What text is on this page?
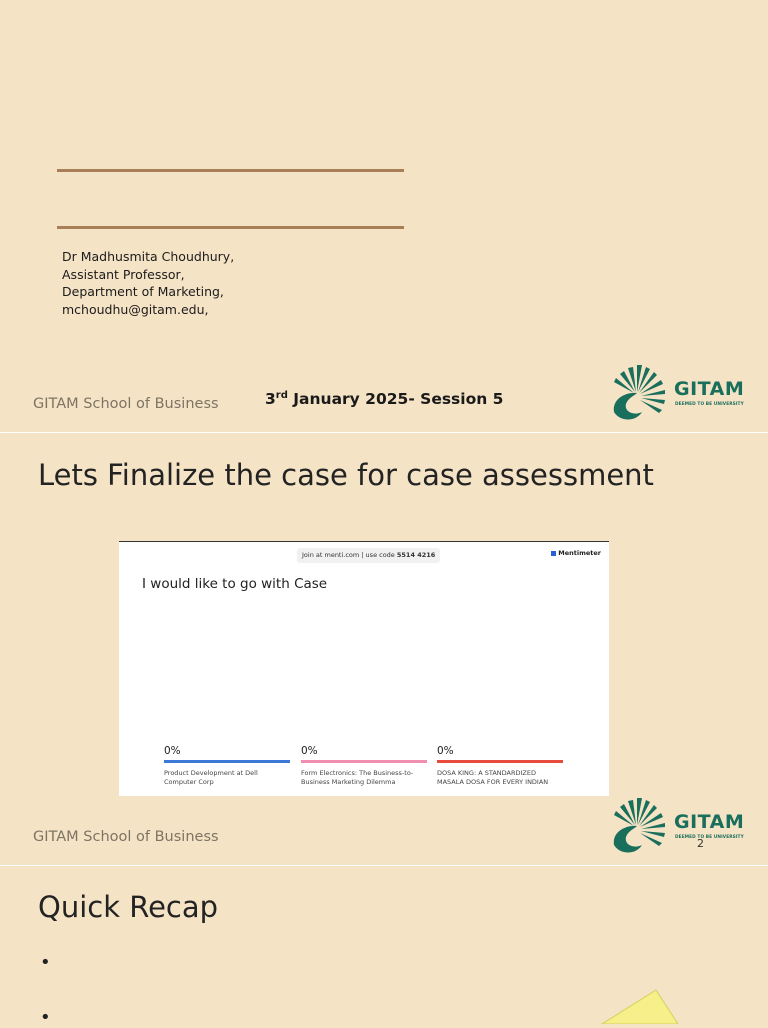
Dr Madhusmita Choudhury,
Assistant Professor,
Department of Marketing,
mchoudhu@gitam.edu,
GITAM School of Business	3rd January 2025- Session 5	GITAM
DEEMED TO BE UNIVERSITY
Lets Finalize the case for case assessment
GITAM School of Business
GITAM
DEEMED TO BE UNIVERSITY
Join at menti.com | use code 5514 4216	Mentimeter
I would like to go with Case
0%
Product Development at Dell Computer Corp
0%
Form Electronics: The Business-to-Business Marketing Dilemma
0%
DOSA KING: A STANDARDIZED MASALA DOSA FOR EVERY INDIAN
2
Quick Recap
•
•
